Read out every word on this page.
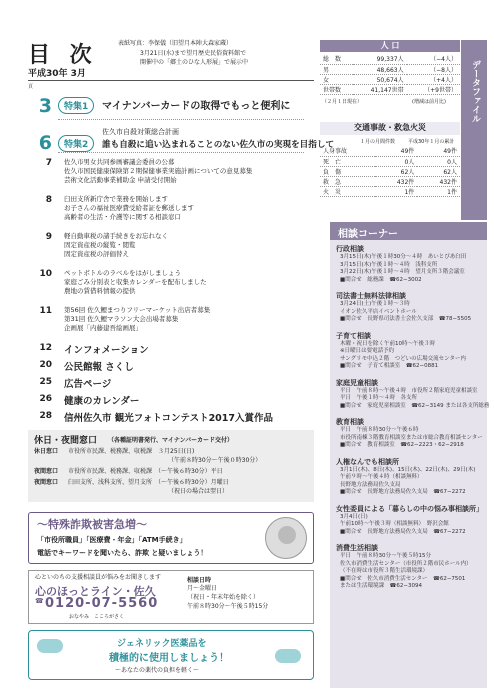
目 次
平成30年 3月
表紙写真：李保儀（旧望月本陣大森家蔵）
3月21日(水)まで望月歴史民俗資料館で
開催中の「郷土のひな人形展」で展示中
頁
3	特集1	マイナンバーカードの取得でもっと便利に
6	特集2
佐久市自殺対策総合計画
誰も自殺に追い込まれることのない佐久市の実現を目指して
7 佐久市男女共同参画審議会委員の公募
佐久市国民健康保険第２期保健事業実施計画についての意見募集
芸術文化活動事業補助金 申請受付開始
8 臼田支所新庁舎で業務を開始します
お子さんの福祉医療費受給者証を郵送します
高齢者の生活・介護等に関する相談窓口
9 軽自動車税の諸手続きをお忘れなく
固定資産税の縦覧・閲覧
固定資産税の評価替え
10 ペットボトルのラベルをはがしましょう
家庭ごみ分別表と収集カレンダーを配布しました
農地の賃借料情報の提供
11 第56回 佐久鯉まつりフリーマーケット出店者募集
第31回 佐久鯉マラソン大会出場者募集
企画展「内藤建吾絵画展」
12 インフォメーション
20 公民館報 さくし
25 広告ページ
26 健康のカレンダー
28 信州佐久市 観光フォトコンテスト2017入賞作品
休日・夜間窓口 （各種証明書発行、マイナンバーカード交付）
休日窓口 市役所市民課、税務課、収税課　３月25日(日)
（午前８時30分〜午後０時30分）
夜間窓口 市役所市民課、税務課、収税課　（〜午後６時30分）平日
夜間窓口 臼田支所、浅科支所、望月支所　（〜午後６時30分）月曜日
（祝日の場合は翌日）
〜特殊詐欺被害急増〜
「市役所職員」「医療費・年金」「ATM手続き」
電話でキーワードを聞いたら、詐欺 と疑いましょう！
心といのちの支援相談員が悩みをお聞きします
心のほっとライン・佐久
☎ 0120-07-5560
おなやみ　こころがさく
相談日時
月〜金曜日
（祝日・年末年始を除く）
午前８時30分〜午後５時15分
ジェネリック医薬品を
積極的に使用しましょう！
〜あなたの薬代の負担を軽く〜
人 口
総　数	99,337人	（−4人）
男	48,663人	（−8人）
女	50,674人	（+4人）
世帯数	41,147世帯	（+9世帯）
（２月１日現在）	(増減は前月比)	データファイル
交通事故・救急火災
１月の月間件数	平成30年１月の累計
人身事故	49件	49件
死　亡	0人	0人
負　傷	62人	62人
救　急	432件	432件
火　災	1件	1件
相談コーナー
行政相談
3月15日(木)午後１時30分〜４時　あいとぴあ臼田
3月15日(木)午後１時〜４時　浅科支所
3月22日(木)午後１時〜４時　望月支所３階会議室
■問合せ　総務課　☎62−3002
司法書士無料法律相談
3月24日(土)午後１時〜３時
イオン佐久平店イベントホール
■問合せ　長野県司法書士会佐久支部　☎78−5505
子育て相談
木曜・祝日を除く午前10時〜午後３時
※日曜日は要電話予約
サングリモ中込２階　つどいの広場交流センター内
■問合せ　子育て相談室　☎62−0881
家庭児童相談
平日　午前８時〜午後４時　市役所２階家庭児童相談室
平日　午後１時〜４時　各支所
■問合せ　家庭児童相談室　☎62−3149 または各支所総務
教育相談
平日　午前８時30分〜午後６時
市役所南棟３階教育相談室または市総合教育相談センター
■問合せ　教育相談室　☎62−2223・62−2918
人権なんでも相談所
3月1日(木)、8日(木)、15日(木)、22日(木)、29日(木)
午前９時〜午後４時（相談無料）
長野地方法務局佐久支局
■問合せ　長野地方法務局佐久支局　☎67−2272
女性委員による「暮らしの中の悩み事相談所」
3月4日(日)
午前10時〜午後３時（相談無料）　野沢会館
■問合せ　長野地方法務局佐久支局　☎67−2272
消費生活相談
平日　午前８時30分〜午後５時15分
佐久市消費生活センター（市役所２階市民ホール内）
（不在時は市役所３階生活環境課）
■問合せ　佐久市消費生活センター　☎62−7501
または生活環境課　☎62−3094
